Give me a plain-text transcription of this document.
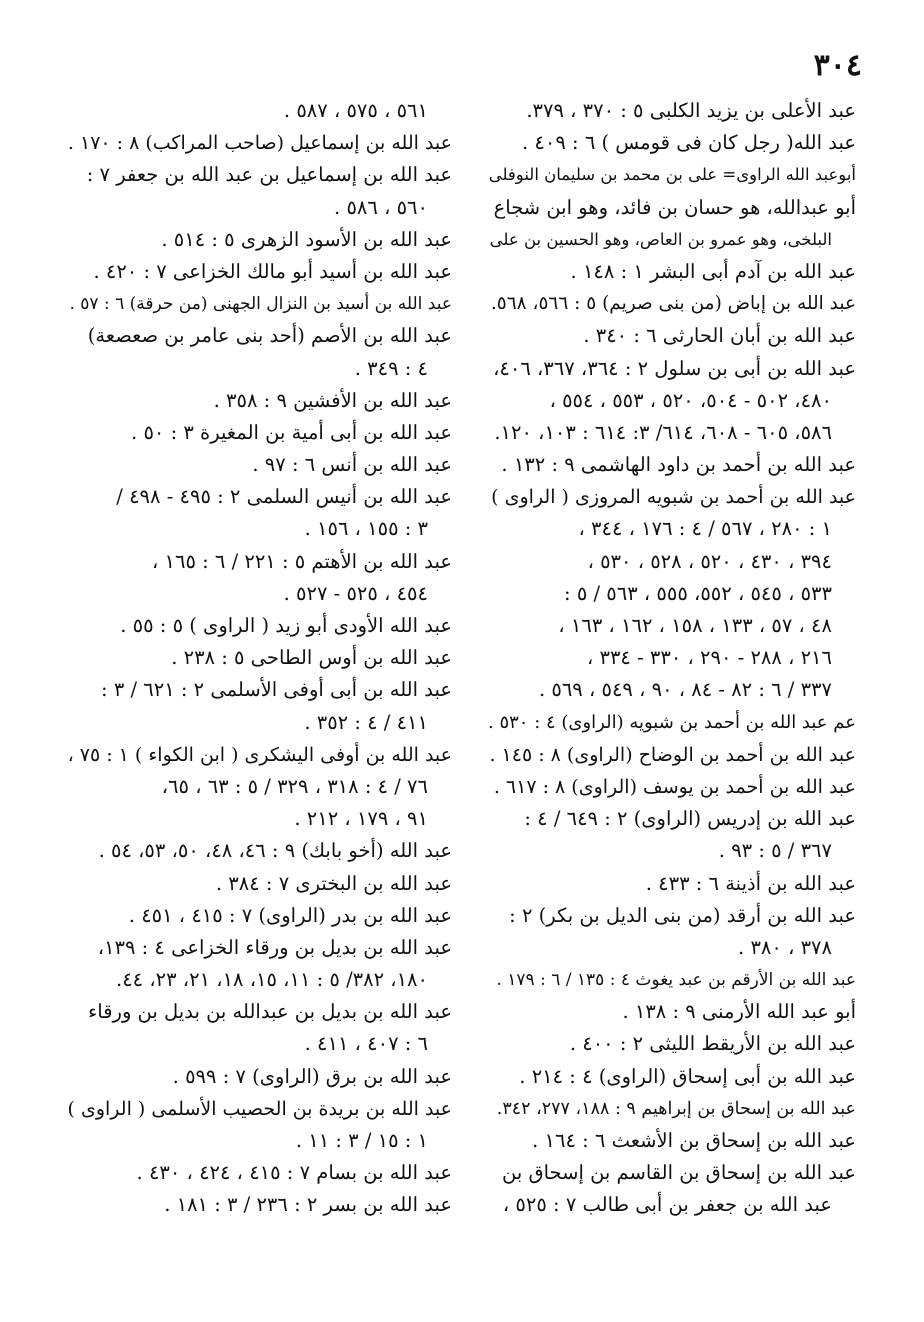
٣٠٤
عبد الأعلى بن يزيد الكلبى ٥ : ٣٧٠ ، ٣٧٩.
عبد الله( رجل كان فى قومس ) ٦ : ٤٠٩ .
أبوعبد الله الراوى= على بن محمد بن سليمان النوفلى
أبو عبدالله، هو حسان بن فائد، وهو ابن شجاع
البلخى، وهو عمرو بن العاص، وهو الحسين بن على
عبد الله بن آدم أبى البشر ١ : ١٤٨ .
عبد الله بن إباض (من بنى صريم) ٥ : ٥٦٦، ٥٦٨.
عبد الله بن أبان الحارثى ٦ : ٣٤٠ .
عبد الله بن أبى بن سلول ٢ : ٣٦٤، ٣٦٧، ٤٠٦،
٤٨٠، ٥٠٢ - ٥٠٤، ٥٢٠ ، ٥٥٣ ، ٥٥٤ ،
٥٨٦، ٦٠٥ - ٦٠٨، ٦١٤/ ٣: ٦١٤ : ١٠٣، ١٢٠.
عبد الله بن أحمد بن داود الهاشمى ٩ : ١٣٢ .
عبد الله بن أحمد بن شبويه المروزى ( الراوى )
١ : ٢٨٠ ، ٥٦٧ / ٤ : ١٧٦ ، ٣٤٤ ،
٣٩٤ ، ٤٣٠ ، ٥٢٠ ، ٥٢٨ ، ٥٣٠ ،
٥٣٣ ، ٥٤٥ ، ٥٥٢، ٥٥٥ ، ٥٦٣ / ٥ :
٤٨ ، ٥٧ ، ١٣٣ ، ١٥٨ ، ١٦٢ ، ١٦٣ ،
٢١٦ ، ٢٨٨ - ٢٩٠ ، ٣٣٠ - ٣٣٤ ،
٣٣٧ / ٦ : ٨٢ - ٨٤ ، ٩٠ ، ٥٤٩ ، ٥٦٩ .
عم عبد الله بن أحمد بن شبويه (الراوى) ٤ : ٥٣٠ .
عبد الله بن أحمد بن الوضاح (الراوى) ٨ : ١٤٥ .
عبد الله بن أحمد بن يوسف (الراوى) ٨ : ٦١٧ .
عبد الله بن إدريس (الراوى) ٢ : ٦٤٩ / ٤ :
٣٦٧ / ٥ : ٩٣ .
عبد الله بن أذينة ٦ : ٤٣٣ .
عبد الله بن أرقد (من بنى الديل بن بكر) ٢ :
٣٧٨ ، ٣٨٠ .
عبد الله بن الأرقم بن عبد يغوث ٤ : ١٣٥ / ٦ : ١٧٩ .
أبو عبد الله الأرمنى ٩ : ١٣٨ .
عبد الله بن الأريقط الليثى ٢ : ٤٠٠ .
عبد الله بن أبى إسحاق (الراوى) ٤ : ٢١٤ .
عبد الله بن إسحاق بن إبراهيم ٩ : ١٨٨، ٢٧٧، ٣٤٢.
عبد الله بن إسحاق بن الأشعث ٦ : ١٦٤ .
عبد الله بن إسحاق بن القاسم بن إسحاق بن
عبد الله بن جعفر بن أبى طالب ٧ : ٥٢٥ ،
٥٦١ ، ٥٧٥ ، ٥٨٧ .
عبد الله بن إسماعيل (صاحب المراكب) ٨ : ١٧٠ .
عبد الله بن إسماعيل بن عبد الله بن جعفر ٧ :
٥٦٠ ، ٥٨٦ .
عبد الله بن الأسود الزهرى ٥ : ٥١٤ .
عبد الله بن أسيد أبو مالك الخزاعى ٧ : ٤٢٠ .
عبد الله بن أسيد بن النزال الجهنى (من حرقة) ٦ : ٥٧ .
عبد الله بن الأصم (أحد بنى عامر بن صعصعة)
٤ : ٣٤٩ .
عبد الله بن الأفشين ٩ : ٣٥٨ .
عبد الله بن أبى أمية بن المغيرة ٣ : ٥٠ .
عبد الله بن أنس ٦ : ٩٧ .
عبد الله بن أنيس السلمى ٢ : ٤٩٥ - ٤٩٨ /
٣ : ١٥٥ ، ١٥٦ .
عبد الله بن الأهتم ٥ : ٢٢١ / ٦ : ١٦٥ ،
٤٥٤ ، ٥٢٥ - ٥٢٧ .
عبد الله الأودى أبو زيد ( الراوى ) ٥ : ٥٥ .
عبد الله بن أوس الطاحى ٥ : ٢٣٨ .
عبد الله بن أبى أوفى الأسلمى ٢ : ٦٢١ / ٣ :
٤١١ / ٤ : ٣٥٢ .
عبد الله بن أوفى اليشكرى ( ابن الكواء ) ١ : ٧٥ ،
٧٦ / ٤ : ٣١٨ ، ٣٢٩ / ٥ : ٦٣ ، ٦٥،
٩١ ، ١٧٩ ، ٢١٢ .
عبد الله (أخو بابك) ٩ : ٤٦، ٤٨، ٥٠، ٥٣، ٥٤ .
عبد الله بن البخترى ٧ : ٣٨٤ .
عبد الله بن بدر (الراوى) ٧ : ٤١٥ ، ٤٥١ .
عبد الله بن بديل بن ورقاء الخزاعى ٤ : ١٣٩،
١٨٠، ٣٨٢/ ٥ : ١١، ١٥، ١٨، ٢١، ٢٣، ٤٤.
عبد الله بن بديل بن عبدالله بن بديل بن ورقاء
٦ : ٤٠٧ ، ٤١١ .
عبد الله بن برق (الراوى) ٧ : ٥٩٩ .
عبد الله بن بريدة بن الحصيب الأسلمى ( الراوى )
١ : ١٥ / ٣ : ١١ .
عبد الله بن بسام ٧ : ٤١٥ ، ٤٢٤ ، ٤٣٠ .
عبد الله بن بسر ٢ : ٢٣٦ / ٣ : ١٨١ .
